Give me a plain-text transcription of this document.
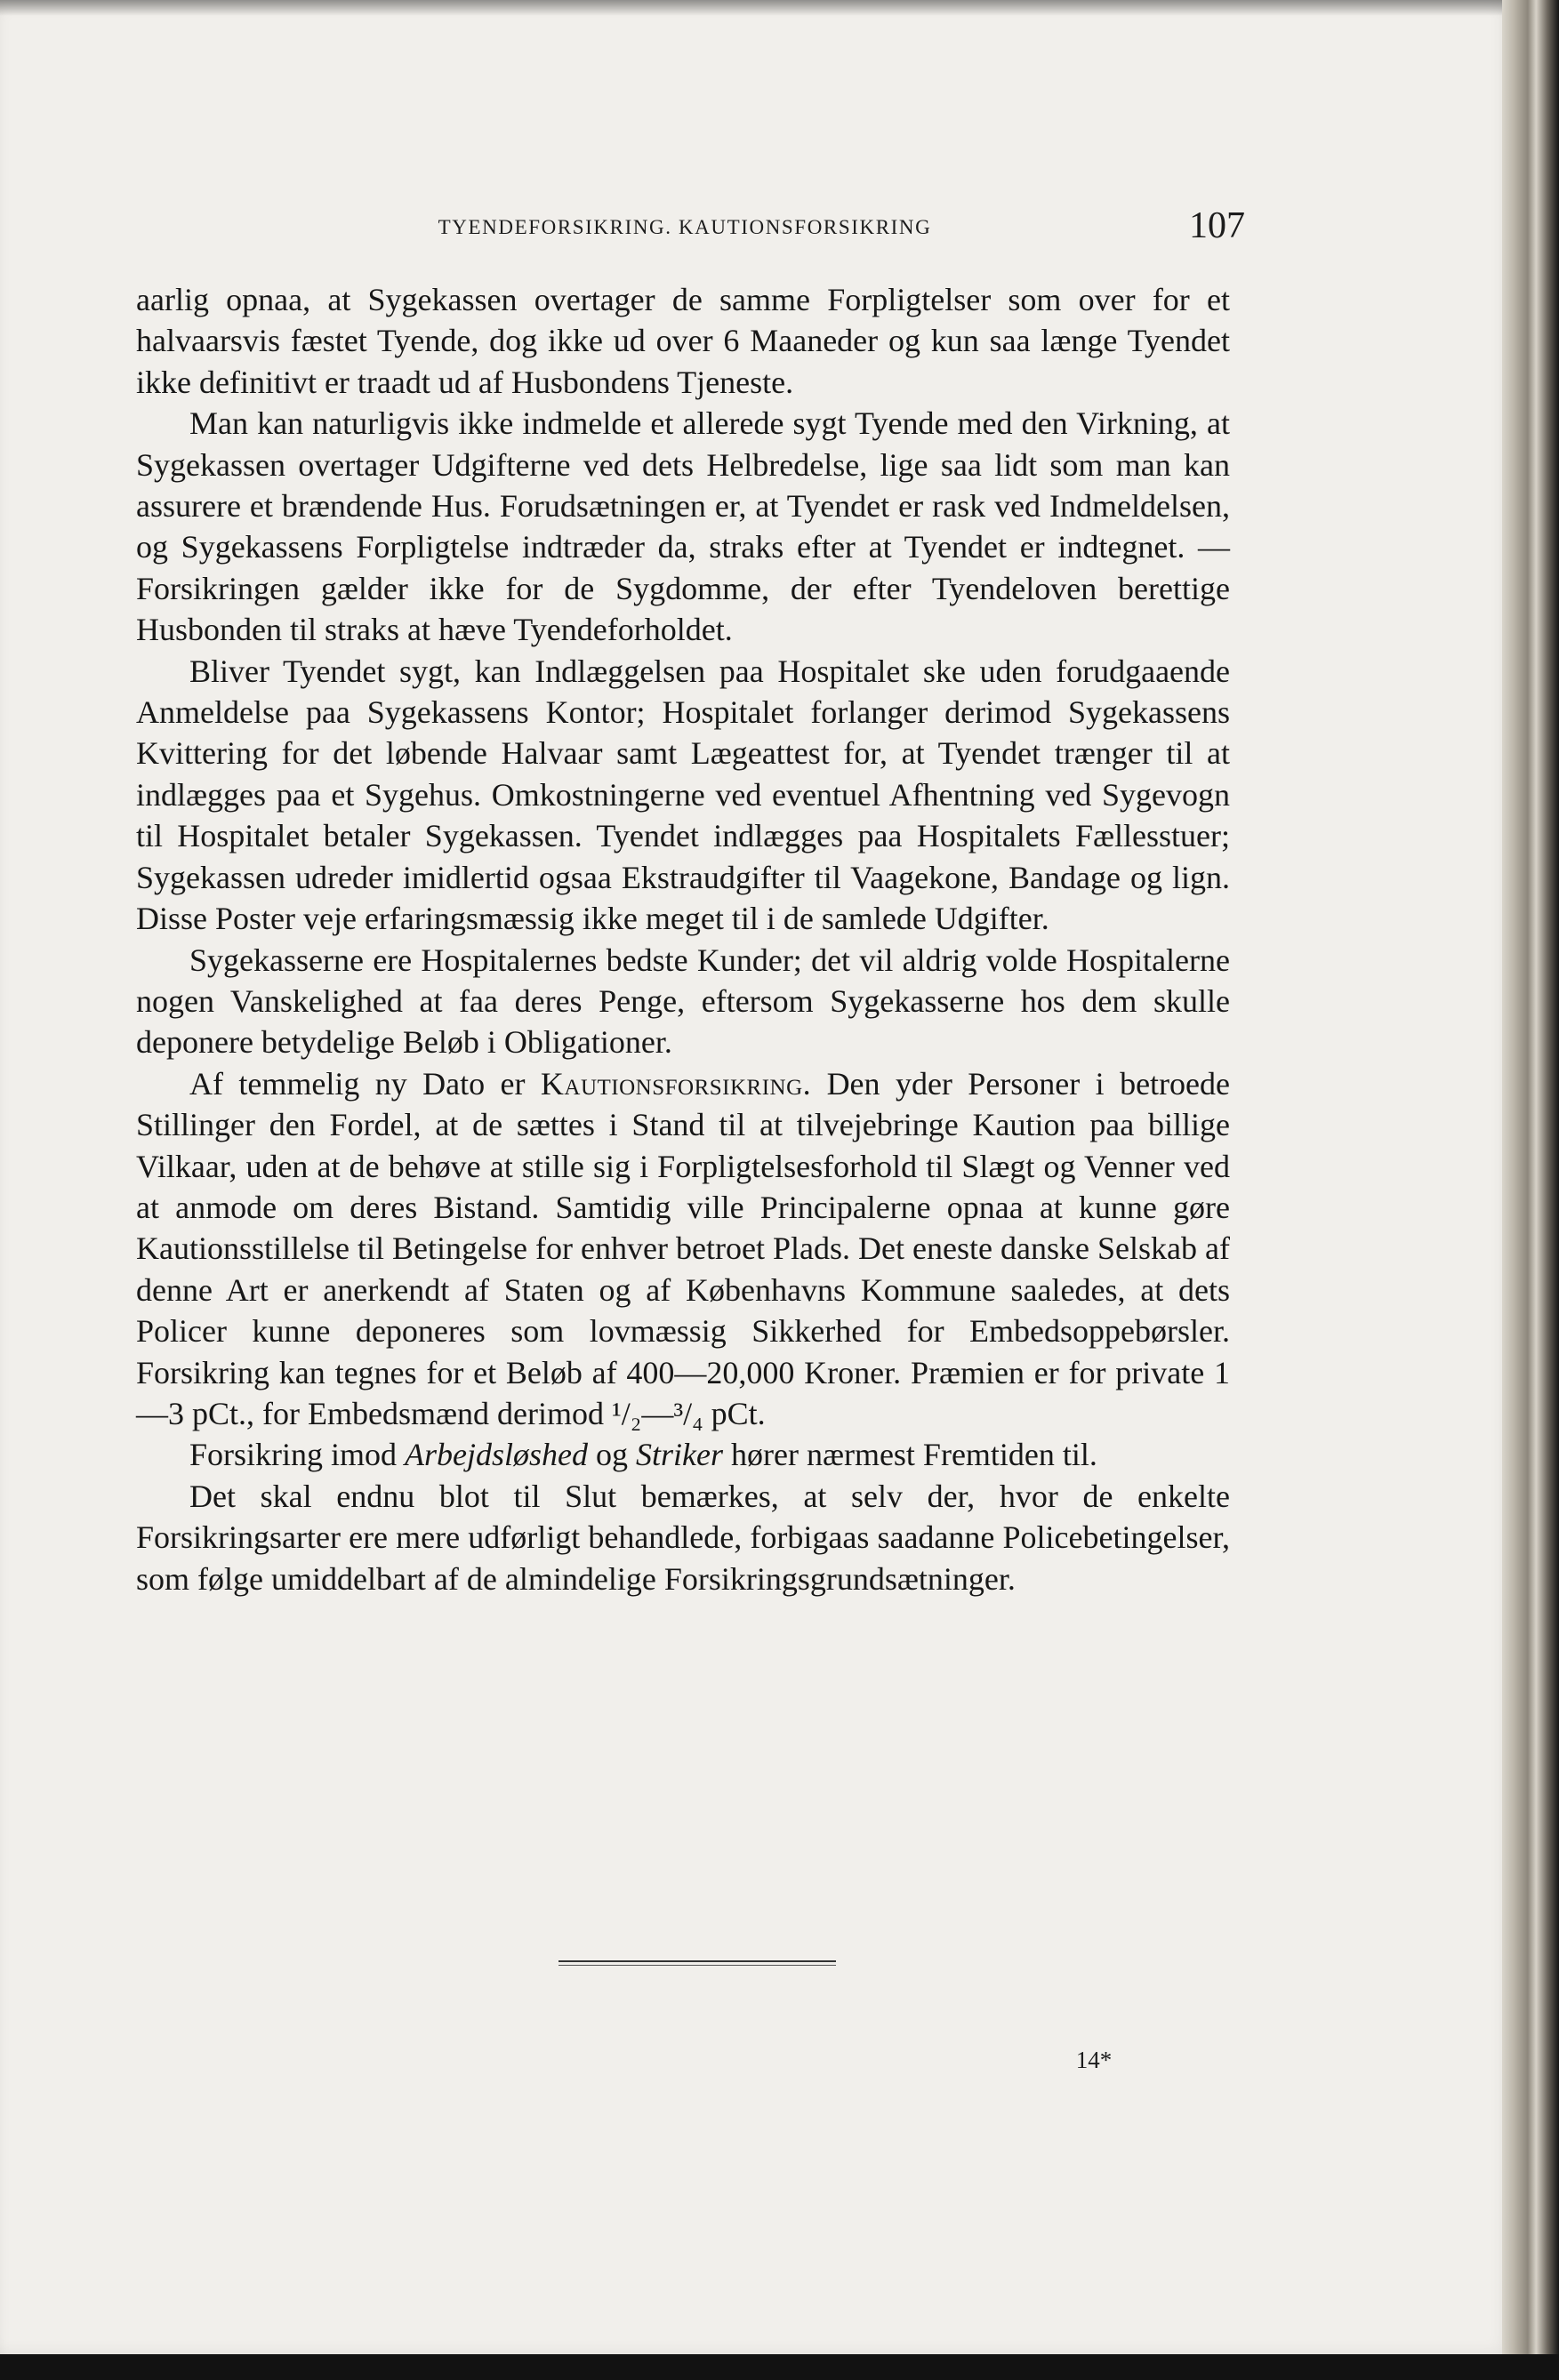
TYENDEFORSIKRING. KAUTIONSFORSIKRING	107

aarlig opnaa, at Sygekassen overtager de samme Forpligtelser som over for et halvaarsvis fæstet Tyende, dog ikke ud over 6 Maaneder og kun saa længe Tyendet ikke definitivt er traadt ud af Husbondens Tjeneste.

Man kan naturligvis ikke indmelde et allerede sygt Tyende med den Virkning, at Sygekassen overtager Udgifterne ved dets Helbredelse, lige saa lidt som man kan assurere et brændende Hus. Forudsætningen er, at Tyendet er rask ved Indmeldelsen, og Sygekassens Forpligtelse indtræder da, straks efter at Tyendet er indtegnet. — Forsikringen gælder ikke for de Sygdomme, der efter Tyendeloven berettige Husbonden til straks at hæve Tyendeforholdet.

Bliver Tyendet sygt, kan Indlæggelsen paa Hospitalet ske uden forudgaaende Anmeldelse paa Sygekassens Kontor; Hospitalet forlanger derimod Sygekassens Kvittering for det løbende Halvaar samt Lægeattest for, at Tyendet trænger til at indlægges paa et Sygehus. Omkostningerne ved eventuel Afhentning ved Sygevogn til Hospitalet betaler Sygekassen. Tyendet indlægges paa Hospitalets Fællesstuer; Sygekassen udreder imidlertid ogsaa Ekstraudgifter til Vaagekone, Bandage og lign. Disse Poster veje erfaringsmæssig ikke meget til i de samlede Udgifter.

Sygekasserne ere Hospitalernes bedste Kunder; det vil aldrig volde Hospitalerne nogen Vanskelighed at faa deres Penge, eftersom Sygekasserne hos dem skulle deponere betydelige Beløb i Obligationer.

Af temmelig ny Dato er Kautionsforsikring. Den yder Personer i betroede Stillinger den Fordel, at de sættes i Stand til at tilvejebringe Kaution paa billige Vilkaar, uden at de behøve at stille sig i Forpligtelsesforhold til Slægt og Venner ved at anmode om deres Bistand. Samtidig ville Principalerne opnaa at kunne gøre Kautionsstillelse til Betingelse for enhver betroet Plads. Det eneste danske Selskab af denne Art er anerkendt af Staten og af Københavns Kommune saaledes, at dets Policer kunne deponeres som lovmæssig Sikkerhed for Embedsoppebørsler. Forsikring kan tegnes for et Beløb af 400—20,000 Kroner. Præmien er for private 1—3 pCt., for Embedsmænd derimod ¹/₂—³/₄ pCt.

Forsikring imod Arbejdsløshed og Striker hører nærmest Fremtiden til.

Det skal endnu blot til Slut bemærkes, at selv der, hvor de enkelte Forsikringsarter ere mere udførligt behandlede, forbigaas saadanne Policebetingelser, som følge umiddelbart af de almindelige Forsikringsgrundsætninger.

14*
